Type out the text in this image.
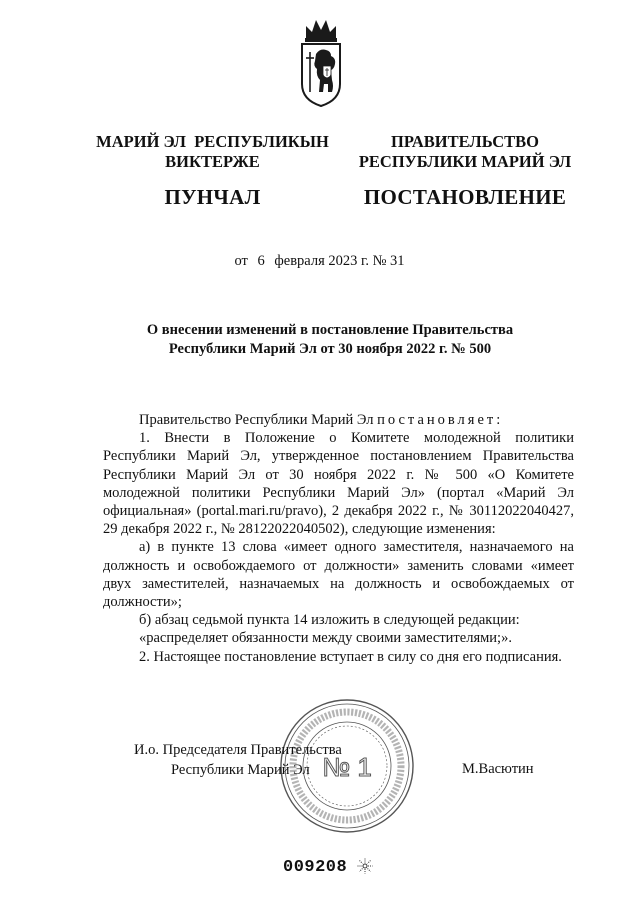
МАРИЙ ЭЛ  РЕСПУБЛИКЫН
ВИКТЕРЖЕ
ПУНЧАЛ
ПРАВИТЕЛЬСТВО
РЕСПУБЛИКИ МАРИЙ ЭЛ
ПОСТАНОВЛЕНИЕ
от 6 февраля 2023 г. № 31
О внесении изменений в постановление Правительства
Республики Марий Эл от 30 ноября 2022 г. № 500

Правительство Республики Марий Эл постановляет:

1. Внести в Положение о Комитете молодежной политики Республики Марий Эл, утвержденное постановлением Правительства Республики Марий Эл от 30 ноября 2022 г. № 500 «О Комитете молодежной политики Республики Марий Эл» (портал «Марий Эл официальная» (portal.mari.ru/pravo), 2 декабря 2022 г., № 30112022040427, 29 декабря 2022 г., № 28122022040502), следующие изменения:

а) в пункте 13 слова «имеет одного заместителя, назначаемого на должность и освобождаемого от должности» заменить словами «имеет двух заместителей, назначаемых на должность и освобождаемых от должности»;

б) абзац седьмой пункта 14 изложить в следующей редакции:

«распределяет обязанности между своими заместителями;».

2. Настоящее постановление вступает в силу со дня его подписания.

№ 1
И.о. Председателя Правительства
Республики Марий Эл	М.Васютин
009208
